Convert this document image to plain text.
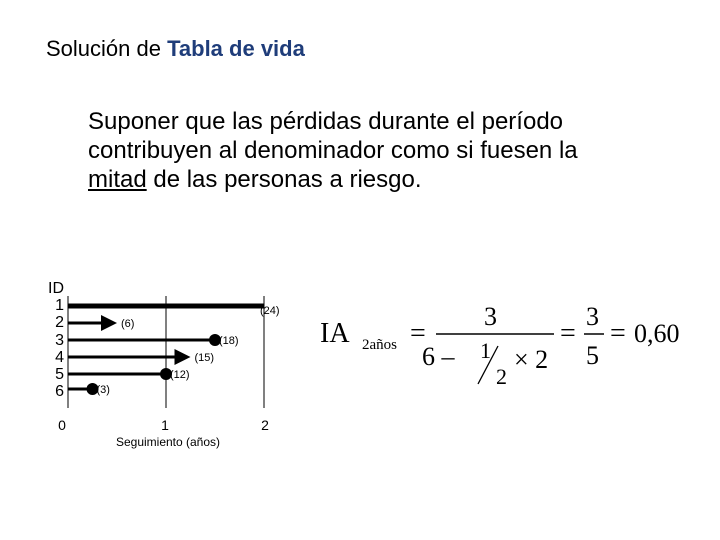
Solución de Tabla de vida
Suponer que las pérdidas durante el período
contribuyen al denominador como si fuesen la
mitad de las personas a riesgo.
ID
1
2
3
4
5
6
0	1	2
Seguimiento (años)
(24)
(6)
(18)
(15)
(12)
(3)
IA 2años =
3
6 – 1
2
× 2
=
3
5
= 0,60
